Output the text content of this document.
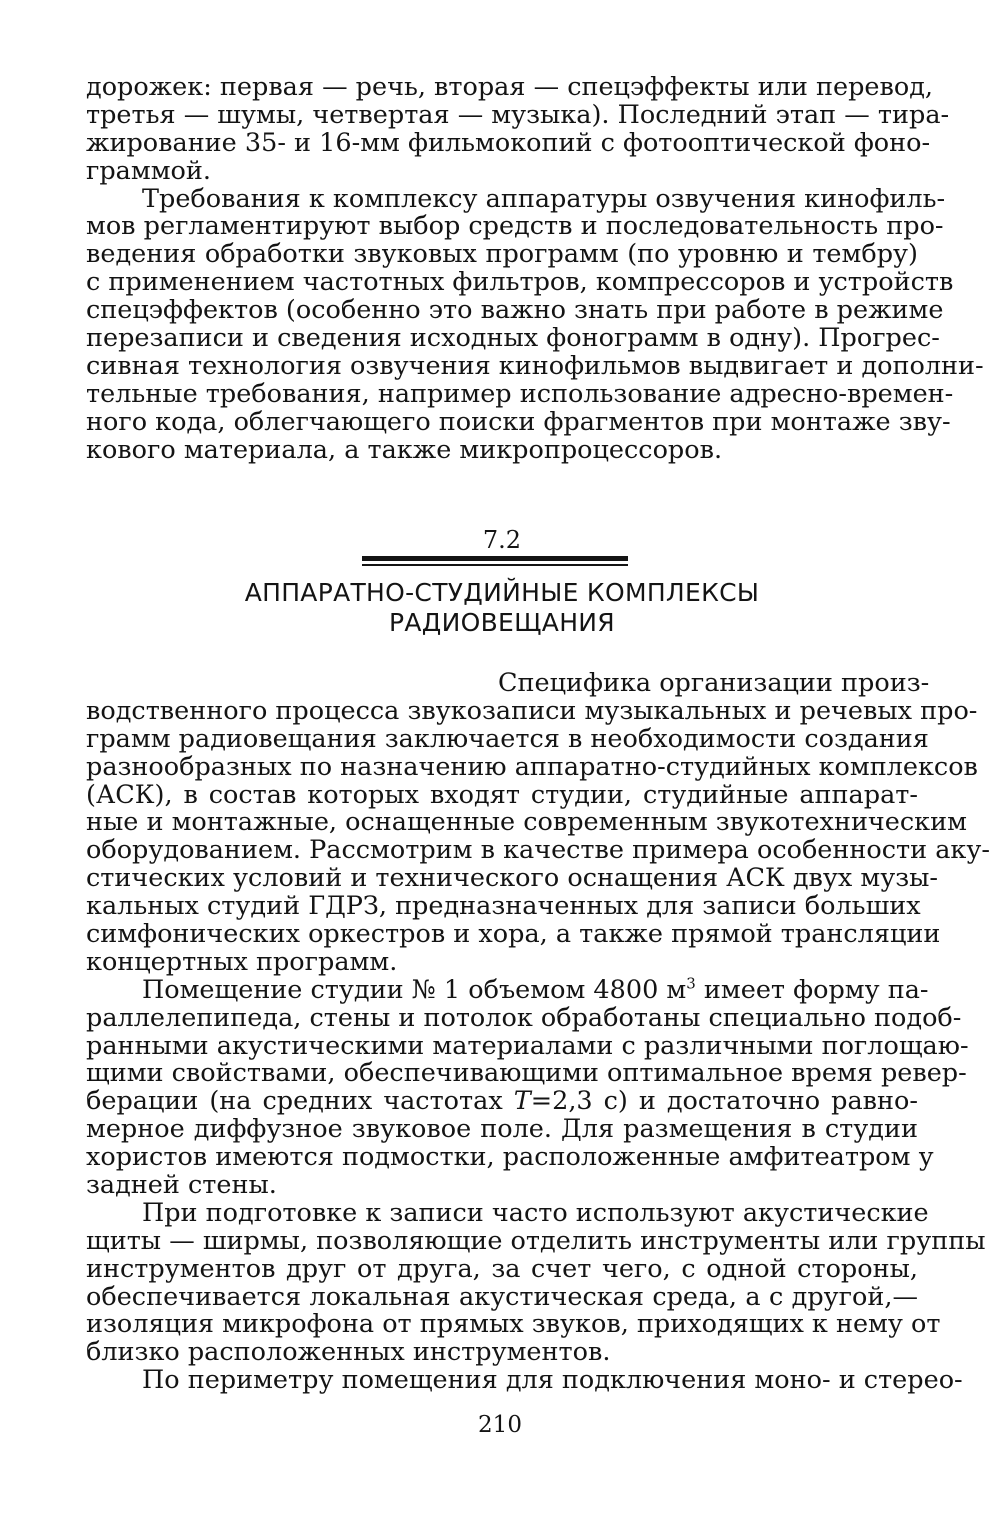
дорожек: первая — речь, вторая — спецэффекты или перевод,
третья — шумы, четвертая — музыка). Последний этап — тира-
жирование 35- и 16-мм фильмокопий с фотооптической фоно-
граммой.
Требования к комплексу аппаратуры озвучения кинофиль-
мов регламентируют выбор средств и последовательность про-
ведения обработки звуковых программ (по уровню и тембру)
с применением частотных фильтров, компрессоров и устройств
спецэффектов (особенно это важно знать при работе в режиме
перезаписи и сведения исходных фонограмм в одну). Прогрес-
сивная технология озвучения кинофильмов выдвигает и дополни-
тельные требования, например использование адресно-времен-
ного кода, облегчающего поиски фрагментов при монтаже зву-
кового материала, а также микропроцессоров.
7.2
АППАРАТНО-СТУДИЙНЫЕ КОМПЛЕКСЫ
РАДИОВЕЩАНИЯ
Специфика организации произ-
водственного процесса звукозаписи музыкальных и речевых про-
грамм радиовещания заключается в необходимости создания
разнообразных по назначению аппаратно-студийных комплексов
(АСК), в состав которых входят студии, студийные аппарат-
ные и монтажные, оснащенные современным звукотехническим
оборудованием. Рассмотрим в качестве примера особенности аку-
стических условий и технического оснащения АСК двух музы-
кальных студий ГДРЗ, предназначенных для записи больших
симфонических оркестров и хора, а также прямой трансляции
концертных программ.
Помещение студии № 1 объемом 4800 $м^3$ имеет форму па-
раллелепипеда, стены и потолок обработаны специально подоб-
ранными акустическими материалами с различными поглощаю-
щими свойствами, обеспечивающими оптимальное время ревер-
берации (на средних частотах T=2,3 с) и достаточно равно-
мерное диффузное звуковое поле. Для размещения в студии
хористов имеются подмостки, расположенные амфитеатром у
задней стены.
При подготовке к записи часто используют акустические
щиты — ширмы, позволяющие отделить инструменты или группы
инструментов друг от друга, за счет чего, с одной стороны,
обеспечивается локальная акустическая среда, а с другой,—
изоляция микрофона от прямых звуков, приходящих к нему от
близко расположенных инструментов.
По периметру помещения для подключения моно- и стерео-
210
